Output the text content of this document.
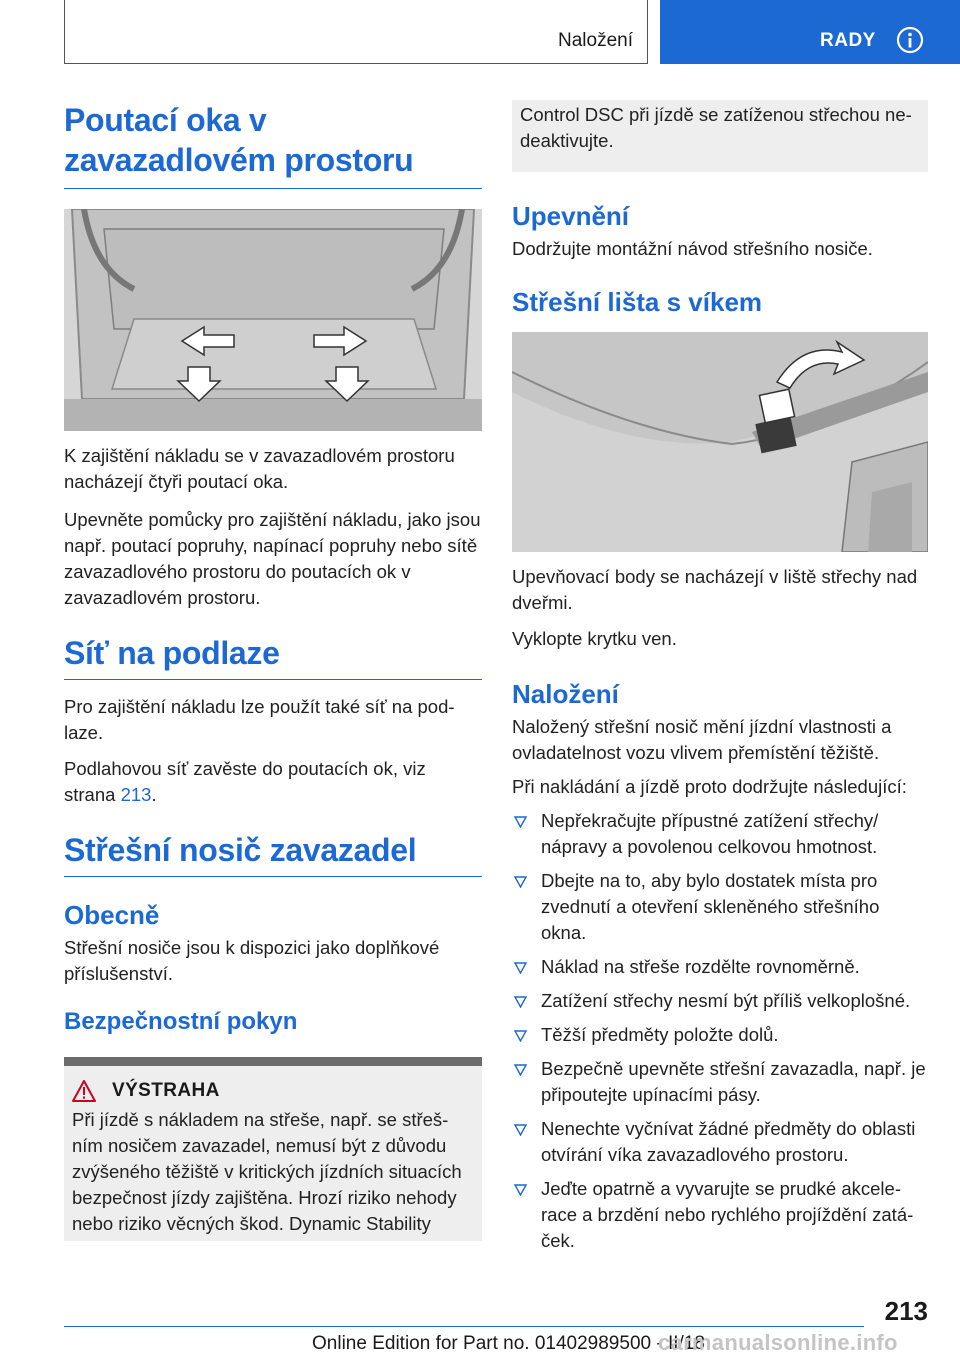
Naložení	RADY
Poutací oka v
zavazadlovém prostoru

K zajištění nákladu se v zavazadlovém prostoru nacházejí čtyři poutací oka.

Upevněte pomůcky pro zajištění nákladu, jako jsou např. poutací popruhy, napínací popruhy nebo sítě zavazadlového prostoru do poutacích ok v zavazadlovém prostoru.

Síť na podlaze

Pro zajištění nákladu lze použít také síť na pod‐laze.

Podlahovou síť zavěste do poutacích ok, viz strana 213.

Střešní nosič zavazadel
Obecně

Střešní nosiče jsou k dispozici jako doplňkové příslušenství.

Bezpečnostní pokyn
VÝSTRAHA

Při jízdě s nákladem na střeše, např. se střeš‐ním nosičem zavazadel, nemusí být z důvodu zvýšeného těžiště v kritických jízdních situacích bezpečnost jízdy zajištěna. Hrozí riziko nehody nebo riziko věcných škod. Dynamic Stability

Control DSC při jízdě se zatíženou střechou ne‐deaktivujte.

Upevnění

Dodržujte montážní návod střešního nosiče.

Střešní lišta s víkem

Upevňovací body se nacházejí v liště střechy nad dveřmi.

Vyklopte krytku ven.

Naložení

Naložený střešní nosič mění jízdní vlastnosti a ovladatelnost vozu vlivem přemístění těžiště.

Při nakládání a jízdě proto dodržujte následující:

Nepřekračujte přípustné zatížení střechy/ nápravy a povolenou celkovou hmotnost.
Dbejte na to, aby bylo dostatek místa pro zvednutí a otevření skleněného střešního okna.
Náklad na střeše rozdělte rovnoměrně.
Zatížení střechy nesmí být příliš velkoplošné.
Těžší předměty položte dolů.
Bezpečně upevněte střešní zavazadla, např. je připoutejte upínacími pásy.
Nenechte vyčnívat žádné předměty do oblasti otvírání víka zavazadlového prostoru.
Jeďte opatrně a vyvarujte se prudké akcele‐race a brzdění nebo rychlého projíždění zatá‐ček.
213
Online Edition for Part no. 01402989500 - II/18
carmanualsonline.info
